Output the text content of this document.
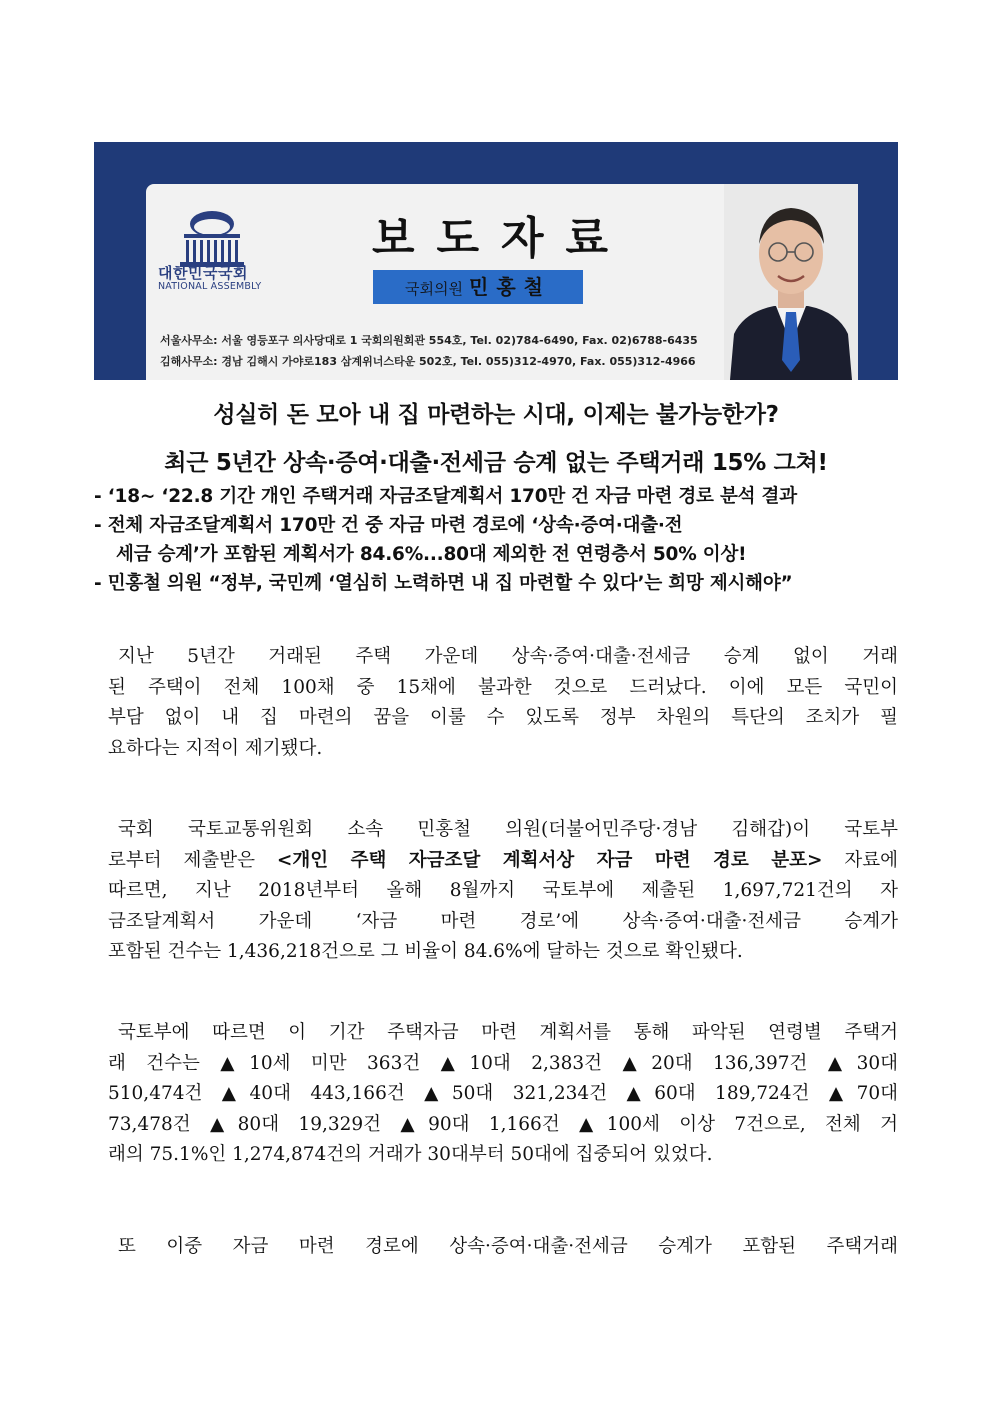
대한민국국회
NATIONAL ASSEMBLY
보도자료
국회의원 민홍철
서울사무소: 서울 영등포구 의사당대로 1 국회의원회관 554호, Tel. 02)784-6490, Fax. 02)6788-6435
김해사무소: 경남 김해시 가야로183 삼계위너스타운 502호, Tel. 055)312-4970, Fax. 055)312-4966
성실히 돈 모아 내 집 마련하는 시대, 이제는 불가능한가?
최근 5년간 상속·증여·대출·전세금 승계 없는 주택거래 15% 그쳐!
- ‘18~ ‘22.8 기간 개인 주택거래 자금조달계획서 170만 건 자금 마련 경로 분석 결과
- 전체 자금조달계획서 170만 건 중 자금 마련 경로에 ‘상속·증여·대출·전
세금 승계’가 포함된 계획서가 84.6%...80대 제외한 전 연령층서 50% 이상!
- 민홍철 의원 “정부, 국민께 ‘열심히 노력하면 내 집 마련할 수 있다’는 희망 제시해야”
지난 5년간 거래된 주택 가운데 상속·증여·대출·전세금 승계 없이 거래
된 주택이 전체 100채 중 15채에 불과한 것으로 드러났다. 이에 모든 국민이
부담 없이 내 집 마련의 꿈을 이룰 수 있도록 정부 차원의 특단의 조치가 필
요하다는 지적이 제기됐다.
국회 국토교통위원회 소속 민홍철 의원(더불어민주당·경남 김해갑)이 국토부
로부터 제출받은 <개인 주택 자금조달 계획서상 자금 마련 경로 분포> 자료에
따르면, 지난 2018년부터 올해 8월까지 국토부에 제출된 1,697,721건의 자
금조달계획서 가운데 ‘자금 마련 경로’에 상속·증여·대출·전세금 승계가
포함된 건수는 1,436,218건으로 그 비율이 84.6%에 달하는 것으로 확인됐다.
국토부에 따르면 이 기간 주택자금 마련 계획서를 통해 파악된 연령별 주택거
래 건수는 ▲10세 미만 363건 ▲10대 2,383건 ▲20대 136,397건 ▲30대
510,474건 ▲40대 443,166건 ▲50대 321,234건 ▲60대 189,724건 ▲70대
73,478건 ▲80대 19,329건 ▲90대 1,166건 ▲100세 이상 7건으로, 전체 거
래의 75.1%인 1,274,874건의 거래가 30대부터 50대에 집중되어 있었다.
또 이중 자금 마련 경로에 상속·증여·대출·전세금 승계가 포함된 주택거래
